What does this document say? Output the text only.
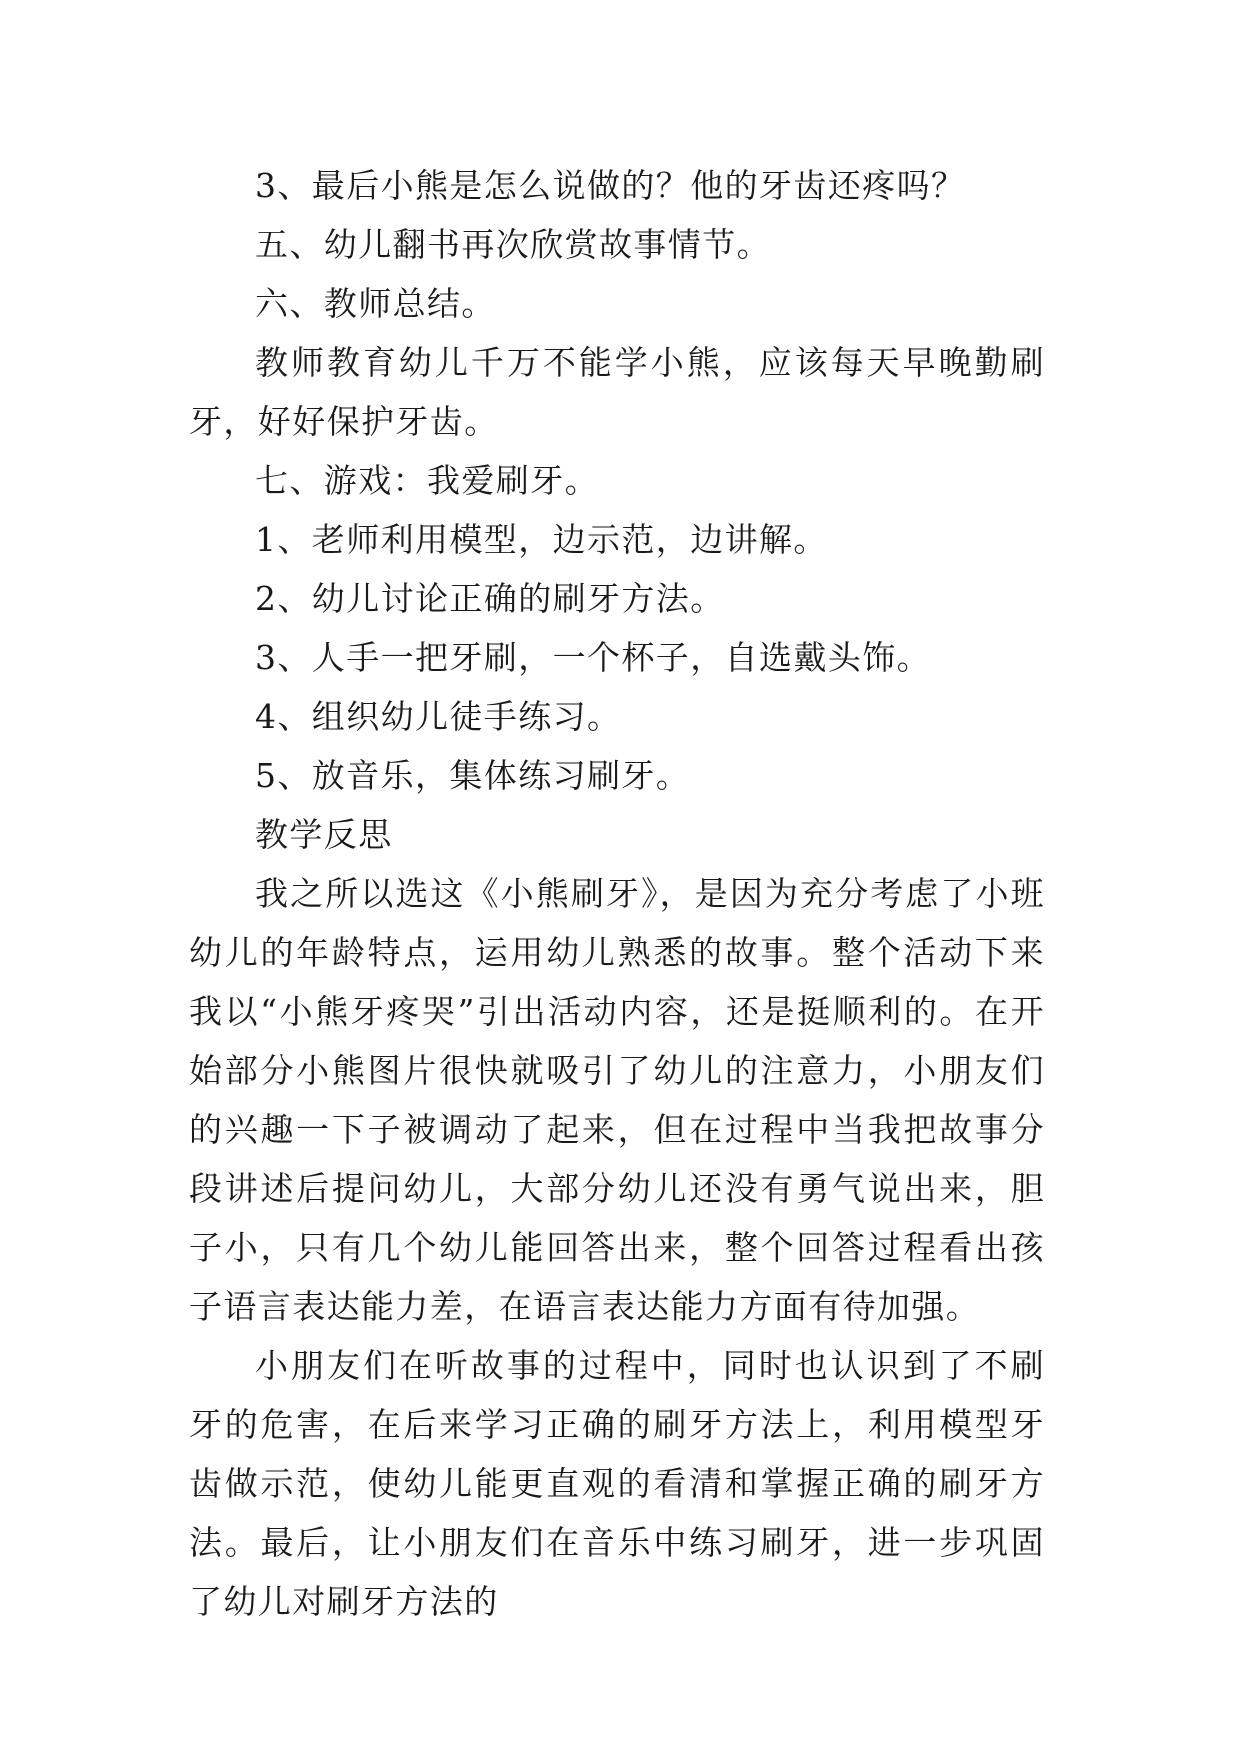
3、最后小熊是怎么说做的？他的牙齿还疼吗？

五、幼儿翻书再次欣赏故事情节。

六、教师总结。

教师教育幼儿千万不能学小熊，应该每天早晚勤刷牙，好好保护牙齿。

七、游戏：我爱刷牙。

1、老师利用模型，边示范，边讲解。

2、幼儿讨论正确的刷牙方法。

3、人手一把牙刷，一个杯子，自选戴头饰。

4、组织幼儿徒手练习。

5、放音乐，集体练习刷牙。

教学反思

我之所以选这《小熊刷牙》，是因为充分考虑了小班幼儿的年龄特点，运用幼儿熟悉的故事。整个活动下来我以“小熊牙疼哭”引出活动内容，还是挺顺利的。在开始部分小熊图片很快就吸引了幼儿的注意力，小朋友们的兴趣一下子被调动了起来，但在过程中当我把故事分段讲述后提问幼儿，大部分幼儿还没有勇气说出来，胆子小，只有几个幼儿能回答出来，整个回答过程看出孩子语言表达能力差，在语言表达能力方面有待加强。

小朋友们在听故事的过程中，同时也认识到了不刷牙的危害，在后来学习正确的刷牙方法上，利用模型牙齿做示范，使幼儿能更直观的看清和掌握正确的刷牙方法。最后，让小朋友们在音乐中练习刷牙，进一步巩固了幼儿对刷牙方法的
